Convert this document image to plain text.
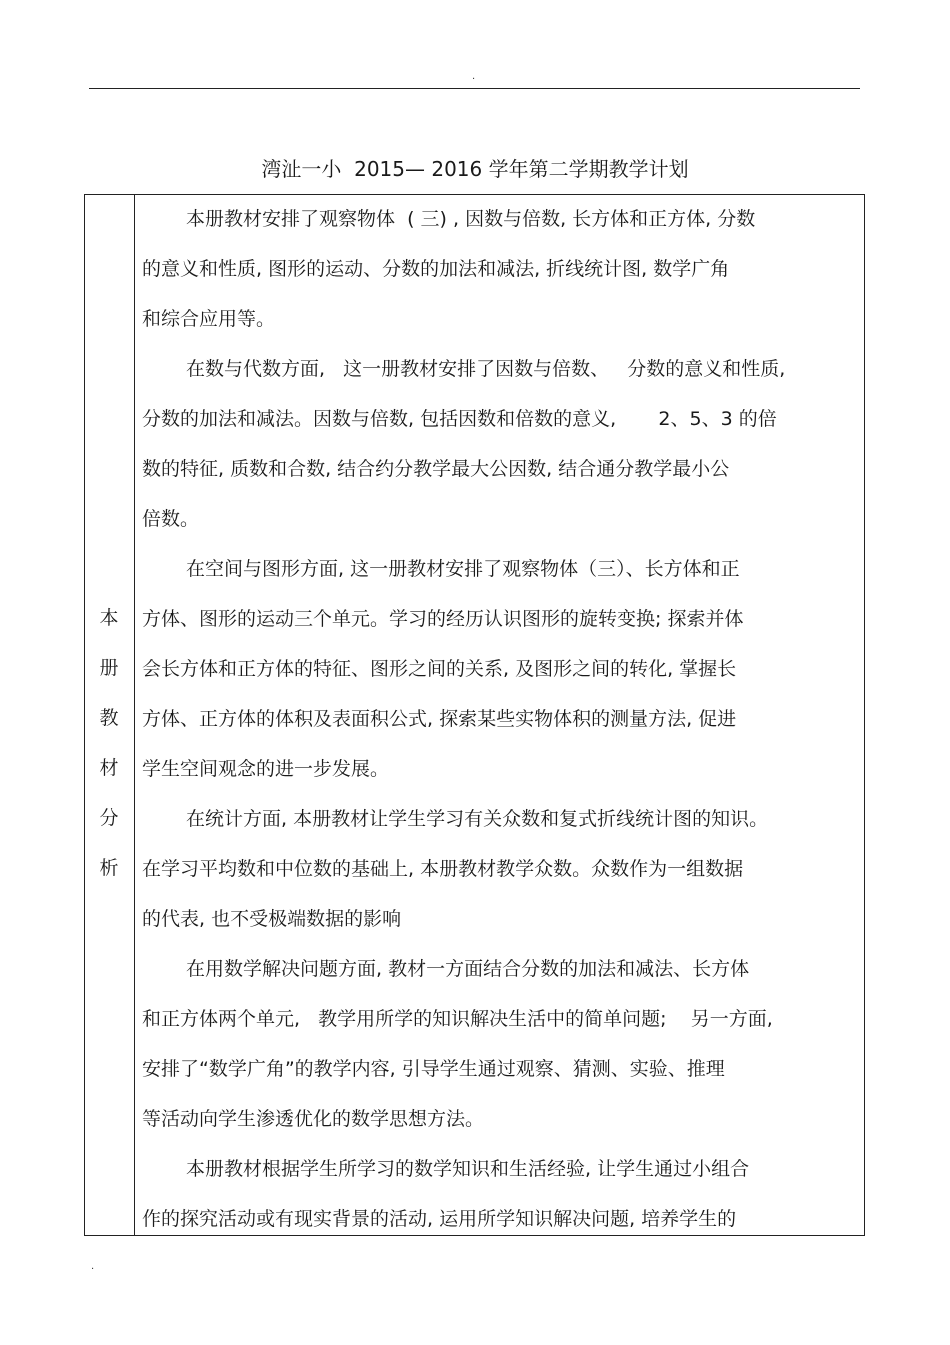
.
湾沚一小  2015— 2016 学年第二学期教学计划
本
册
教
材
分
析
本册教材安排了观察物体  ( 三) , 因数与倍数, 长方体和正方体, 分数
的意义和性质, 图形的运动、分数的加法和减法, 折线统计图, 数学广角
和综合应用等。
在数与代数方面,   这一册教材安排了因数与倍数、   分数的意义和性质,
分数的加法和减法。因数与倍数, 包括因数和倍数的意义,       2、5、3 的倍
数的特征, 质数和合数, 结合约分教学最大公因数, 结合通分教学最小公
倍数。
在空间与图形方面, 这一册教材安排了观察物体（三）、长方体和正
方体、图形的运动三个单元。学习的经历认识图形的旋转变换; 探索并体
会长方体和正方体的特征、图形之间的关系, 及图形之间的转化, 掌握长
方体、正方体的体积及表面积公式, 探索某些实物体积的测量方法, 促进
学生空间观念的进一步发展。
在统计方面, 本册教材让学生学习有关众数和复式折线统计图的知识。
在学习平均数和中位数的基础上, 本册教材教学众数。众数作为一组数据
的代表, 也不受极端数据的影响
在用数学解决问题方面, 教材一方面结合分数的加法和减法、长方体
和正方体两个单元,   教学用所学的知识解决生活中的简单问题;    另一方面,
安排了“数学广角”的教学内容, 引导学生通过观察、猜测、实验、推理
等活动向学生渗透优化的数学思想方法。
本册教材根据学生所学习的数学知识和生活经验, 让学生通过小组合
作的探究活动或有现实背景的活动, 运用所学知识解决问题, 培养学生的
.
